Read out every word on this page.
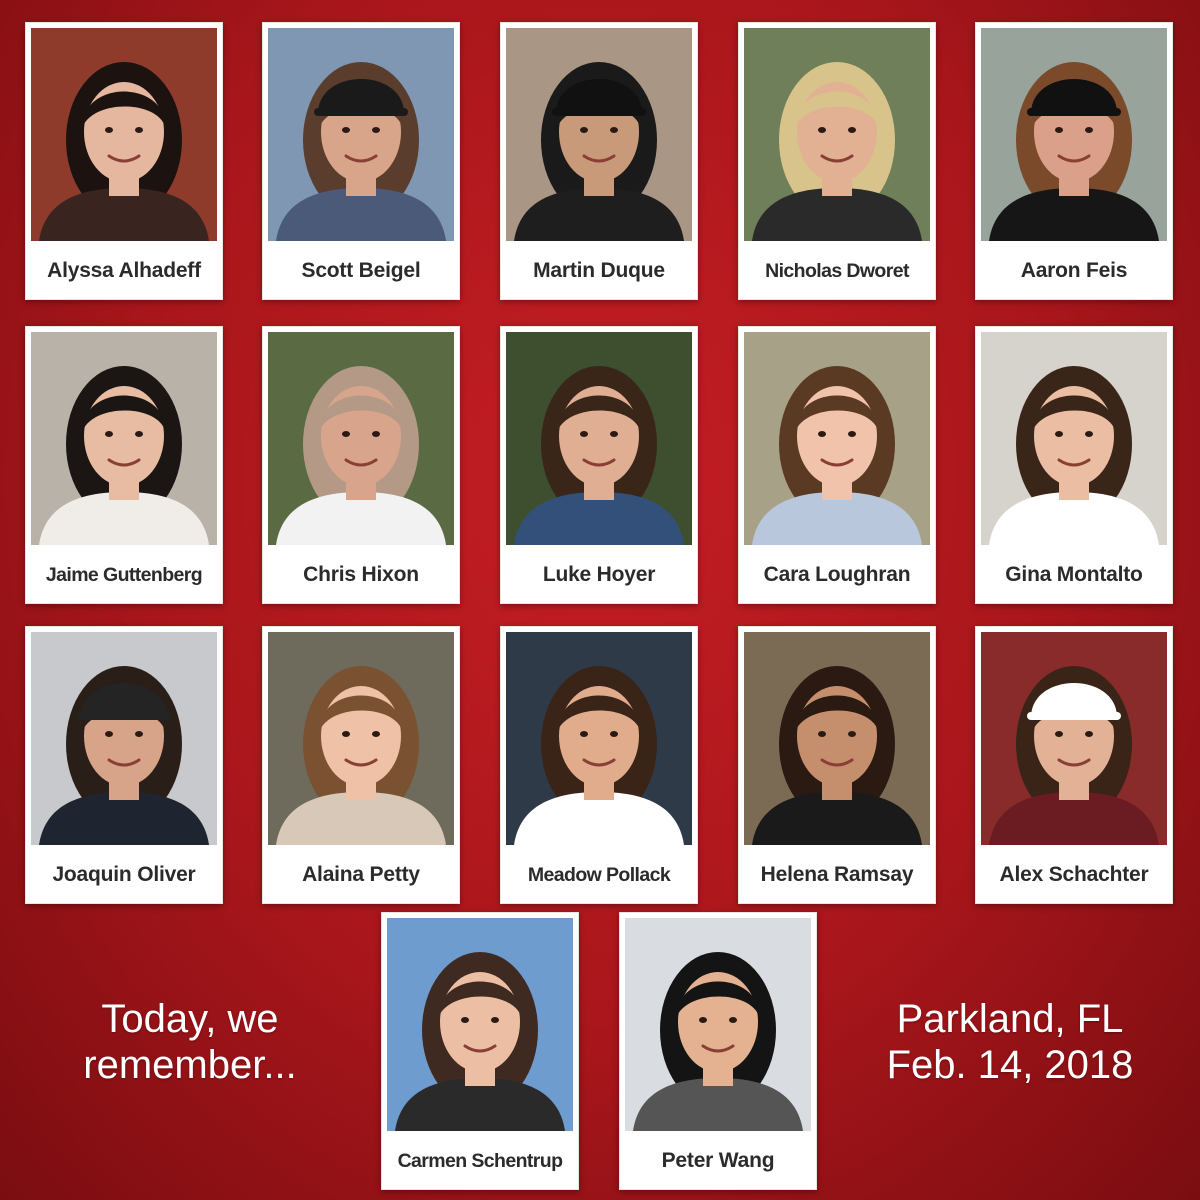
Alyssa Alhadeff	Scott Beigel	Martin Duque	Nicholas Dworet	Aaron Feis
Jaime Guttenberg	Chris Hixon	Luke Hoyer	Cara Loughran	Gina Montalto
Joaquin Oliver	Alaina Petty	Meadow Pollack	Helena Ramsay	Alex Schachter
Carmen Schentrup	Peter Wang
Today, we
remember...
Parkland, FL
Feb. 14, 2018
